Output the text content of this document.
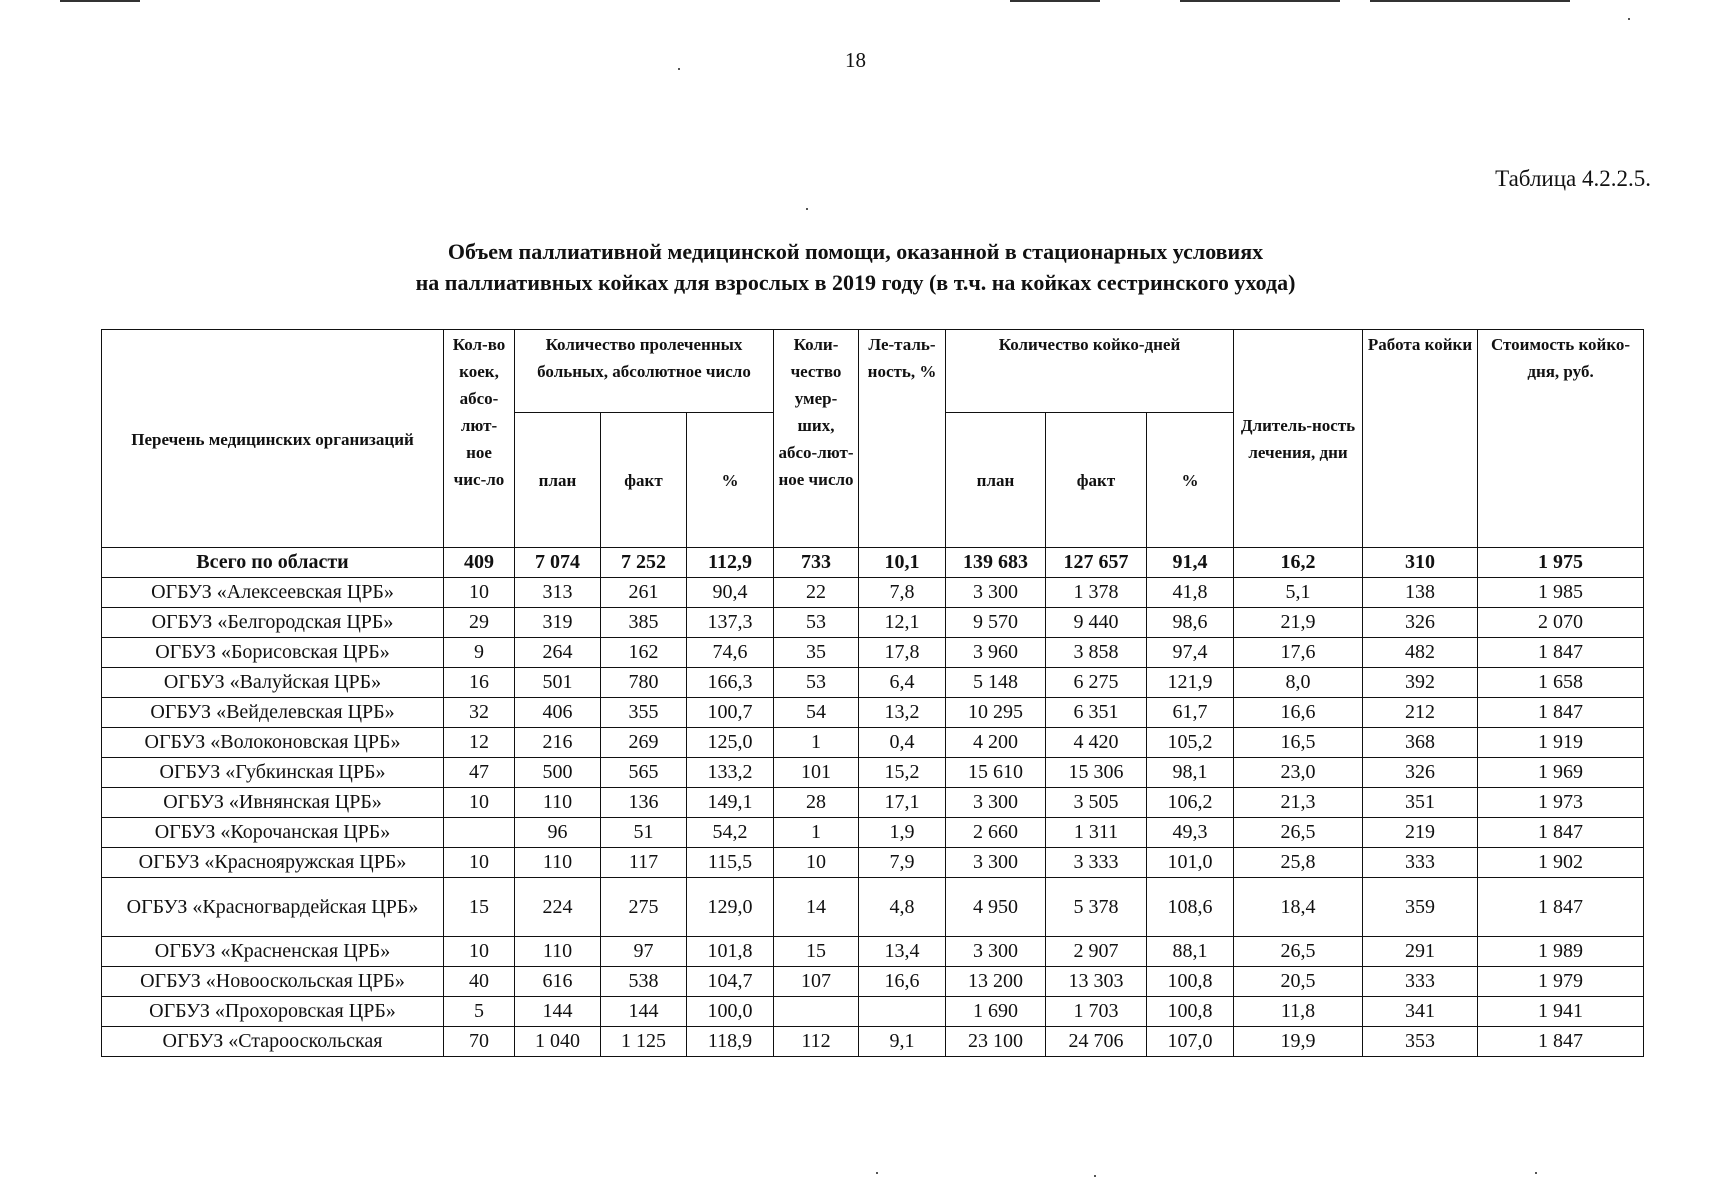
18
Таблица 4.2.2.5.
Объем паллиативной медицинской помощи, оказанной в стационарных условиях
на паллиативных койках для взрослых в 2019 году (в т.ч. на койках сестринского ухода)
Перечень медицинских организаций	Кол-во коек, абсо-лют-ное чис-ло	Количество пролеченных больных, абсолютное число			Коли-чество умер-ших, абсо-лют-ное число	Ле-таль-ность, %	Количество койко-дней			Длитель-ность лечения, дни	Работа койки	Стоимость койко-дня, руб.
		план	факт	%			план	факт	%			
Всего по области	409	7 074	7 252	112,9	733	10,1	139 683	127 657	91,4	16,2	310	1 975
ОГБУЗ «Алексеевская ЦРБ»	10	313	261	90,4	22	7,8	3 300	1 378	41,8	5,1	138	1 985
ОГБУЗ «Белгородская ЦРБ»	29	319	385	137,3	53	12,1	9 570	9 440	98,6	21,9	326	2 070
ОГБУЗ «Борисовская ЦРБ»	9	264	162	74,6	35	17,8	3 960	3 858	97,4	17,6	482	1 847
ОГБУЗ «Валуйская ЦРБ»	16	501	780	166,3	53	6,4	5 148	6 275	121,9	8,0	392	1 658
ОГБУЗ «Вейделевская ЦРБ»	32	406	355	100,7	54	13,2	10 295	6 351	61,7	16,6	212	1 847
ОГБУЗ «Волоконовская ЦРБ»	12	216	269	125,0	1	0,4	4 200	4 420	105,2	16,5	368	1 919
ОГБУЗ «Губкинская ЦРБ»	47	500	565	133,2	101	15,2	15 610	15 306	98,1	23,0	326	1 969
ОГБУЗ «Ивнянская ЦРБ»	10	110	136	149,1	28	17,1	3 300	3 505	106,2	21,3	351	1 973
ОГБУЗ «Корочанская ЦРБ»		96	51	54,2	1	1,9	2 660	1 311	49,3	26,5	219	1 847
ОГБУЗ «Краснояружская ЦРБ»	10	110	117	115,5	10	7,9	3 300	3 333	101,0	25,8	333	1 902
ОГБУЗ «Красногвардейская ЦРБ»	15	224	275	129,0	14	4,8	4 950	5 378	108,6	18,4	359	1 847
ОГБУЗ «Красненская ЦРБ»	10	110	97	101,8	15	13,4	3 300	2 907	88,1	26,5	291	1 989
ОГБУЗ «Новооскольская ЦРБ»	40	616	538	104,7	107	16,6	13 200	13 303	100,8	20,5	333	1 979
ОГБУЗ «Прохоровская ЦРБ»	5	144	144	100,0			1 690	1 703	100,8	11,8	341	1 941
ОГБУЗ «Старооскольская	70	1 040	1 125	118,9	112	9,1	23 100	24 706	107,0	19,9	353	1 847
